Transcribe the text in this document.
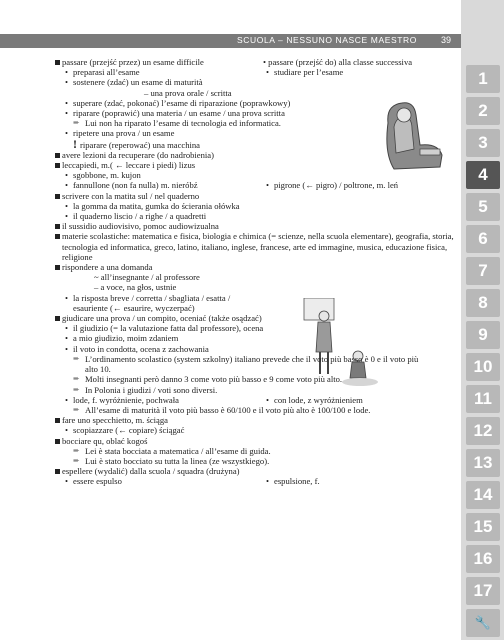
SCUOLA – NESSUNO NASCE MAESTRO	39
1
2
3
4
5
6
7
8
9
10
11
12
13
14
15
16
17
🔧
passare (przejść przez) un esame difficile	• passare (przejść do) alla classe successiva
• preparasi all’esame	• studiare per l’esame
• sostenere (zdać) un esame di maturità
– una prova orale / scritta
• superare (zdać, pokonać) l’esame di riparazione (poprawkowy)
• riparare (poprawić) una materia / un esame / una prova scritta
➨ Lui non ha riparato l’esame di tecnologia ed informatica.
• ripetere una prova / un esame
! riparare (reperować) una macchina
avere lezioni da recuperare (do nadrobienia)
leccapiedi, m.( ← leccare i piedi) lizus
• sgobbone, m. kujon
• fannullone (non fa nulla) m. nieróbź	• pigrone (← pigro) / poltrone, m. leń
scrivere con la matita sul / nel quaderno
• la gomma da matita, gumka do ścierania ołówka
• il quaderno liscio / a righe / a quadretti
il sussidio audiovisivo, pomoc audiowizualna
materie scolastiche: matematica e fisica, biologia e chimica (= scienze, nella scuola elementare), geografia, storia, tecnologia ed informatica, greco, latino, italiano, inglese, francese, arte ed immagine, musica, educazione fisica, religione
rispondere a una domanda
~ all’insegnante / al professore
– a voce, na głos, ustnie
• la risposta breve / corretta / sbagliata / esatta / esauriente (← esaurire, wyczerpać)
giudicare una prova / un compito, oceniać (także osądzać)
• il giudizio (= la valutazione fatta dal professore), ocena
• a mio giudizio, moim zdaniem
• il voto in condotta, ocena z zachowania
➨ L’ordinamento scolastico (system szkolny) italiano prevede che il voto più basso è 0 e il voto più alto 10.
➨ Molti insegnanti però danno 3 come voto più basso e 9 come voto più alto.
➨ In Polonia i giudizi / voti sono diversi.
• lode, f. wyróżnienie, pochwała	• con lode, z wyróżnieniem
➨ All’esame di maturità il voto più basso è 60/100 e il voto più alto è 100/100 e lode.
fare uno specchietto, m. ściąga
• scopiazzare (← copiare) ściągać
bocciare qu, oblać kogoś
➨ Lei è stata bocciata a matematica / all’esame di guida.
➨ Lui è stato bocciato su tutta la linea (ze wszystkiego).
espellere (wydalić) dalla scuola / squadra (drużyna)
• essere espulso	• espulsione, f.
